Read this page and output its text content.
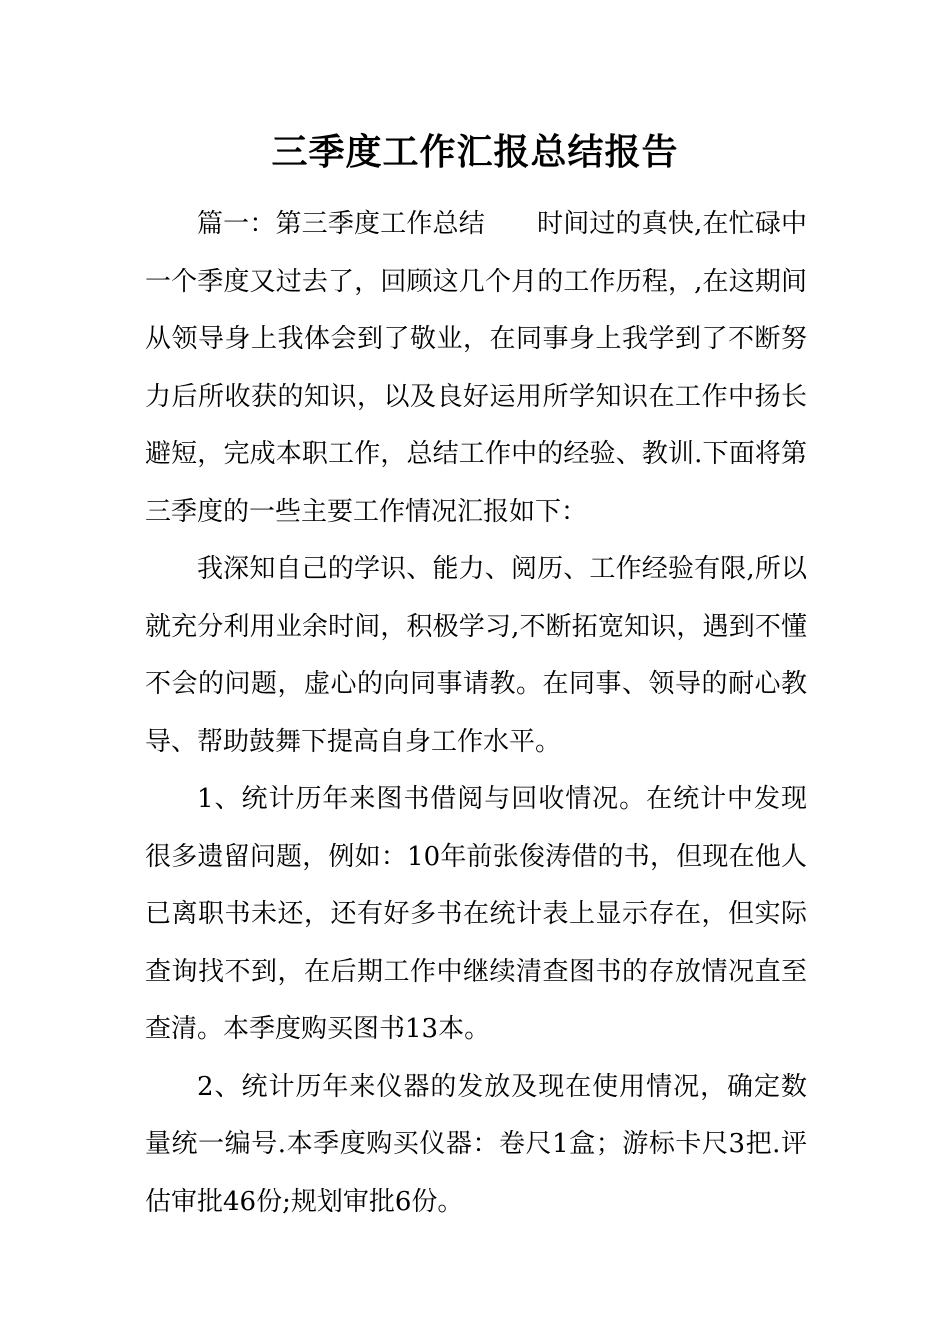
三季度工作汇报总结报告

篇一：第三季度工作总结 时间过的真快,在忙碌中一个季度又过去了，回顾这几个月的工作历程，,在这期间从领导身上我体会到了敬业，在同事身上我学到了不断努力后所收获的知识，以及良好运用所学知识在工作中扬长避短，完成本职工作，总结工作中的经验、教训.下面将第三季度的一些主要工作情况汇报如下：

我深知自己的学识、能力、阅历、工作经验有限,所以就充分利用业余时间，积极学习,不断拓宽知识，遇到不懂不会的问题，虚心的向同事请教。在同事、领导的耐心教导、帮助鼓舞下提高自身工作水平。

1、统计历年来图书借阅与回收情况。在统计中发现很多遗留问题，例如：10年前张俊涛借的书，但现在他人已离职书未还，还有好多书在统计表上显示存在，但实际查询找不到，在后期工作中继续清查图书的存放情况直至查清。本季度购买图书13本。

2、统计历年来仪器的发放及现在使用情况，确定数量统一编号.本季度购买仪器：卷尺1盒；游标卡尺3把.评估审批46份;规划审批6份。
